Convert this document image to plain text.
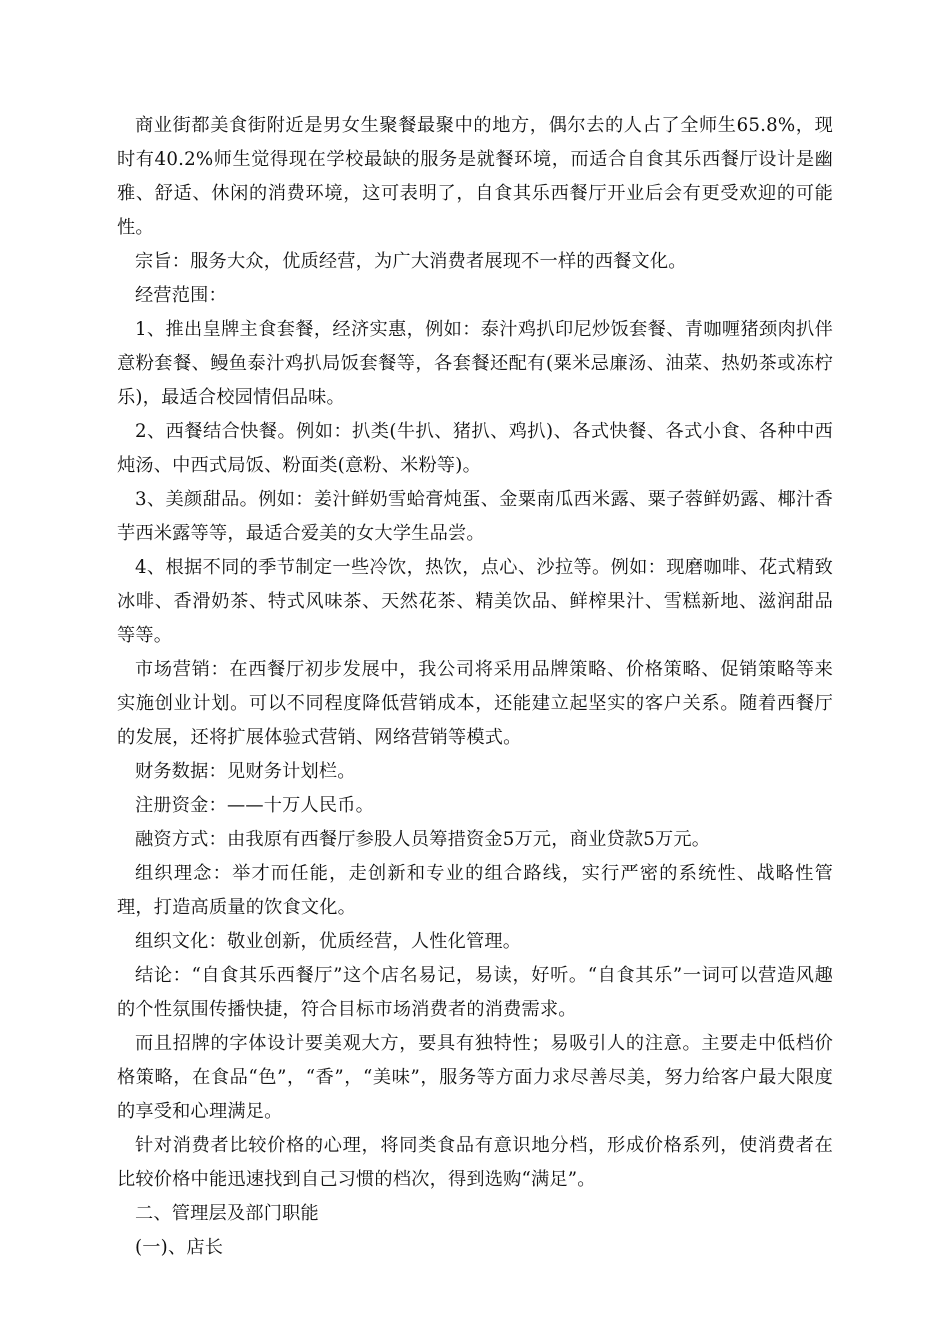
商业街都美食街附近是男女生聚餐最聚中的地方，偶尔去的人占了全师生65.8%，现时有40.2%师生觉得现在学校最缺的服务是就餐环境，而适合自食其乐西餐厅设计是幽雅、舒适、休闲的消费环境，这可表明了，自食其乐西餐厅开业后会有更受欢迎的可能性。

宗旨：服务大众，优质经营，为广大消费者展现不一样的西餐文化。

经营范围：

1、推出皇牌主食套餐，经济实惠，例如：泰汁鸡扒印尼炒饭套餐、青咖喱猪颈肉扒伴意粉套餐、鳗鱼泰汁鸡扒局饭套餐等，各套餐还配有(粟米忌廉汤、油菜、热奶茶或冻柠乐)，最适合校园情侣品味。

2、西餐结合快餐。例如：扒类(牛扒、猪扒、鸡扒)、各式快餐、各式小食、各种中西炖汤、中西式局饭、粉面类(意粉、米粉等)。

3、美颜甜品。例如：姜汁鲜奶雪蛤膏炖蛋、金粟南瓜西米露、粟子蓉鲜奶露、椰汁香芋西米露等等，最适合爱美的女大学生品尝。

4、根据不同的季节制定一些冷饮，热饮，点心、沙拉等。例如：现磨咖啡、花式精致冰啡、香滑奶茶、特式风味茶、天然花茶、精美饮品、鲜榨果汁、雪糕新地、滋润甜品等等。

市场营销：在西餐厅初步发展中，我公司将采用品牌策略、价格策略、促销策略等来实施创业计划。可以不同程度降低营销成本，还能建立起坚实的客户关系。随着西餐厅的发展，还将扩展体验式营销、网络营销等模式。

财务数据：见财务计划栏。

注册资金：——十万人民币。

融资方式：由我原有西餐厅参股人员筹措资金5万元，商业贷款5万元。

组织理念：举才而任能，走创新和专业的组合路线，实行严密的系统性、战略性管理，打造高质量的饮食文化。

组织文化：敬业创新，优质经营，人性化管理。

结论：“自食其乐西餐厅”这个店名易记，易读，好听。“自食其乐”一词可以营造风趣的个性氛围传播快捷，符合目标市场消费者的消费需求。

而且招牌的字体设计要美观大方，要具有独特性；易吸引人的注意。主要走中低档价格策略，在食品“色”，“香”，“美味”，服务等方面力求尽善尽美，努力给客户最大限度的享受和心理满足。

针对消费者比较价格的心理，将同类食品有意识地分档，形成价格系列，使消费者在比较价格中能迅速找到自己习惯的档次，得到选购“满足”。

二、管理层及部门职能

(一)、店长
